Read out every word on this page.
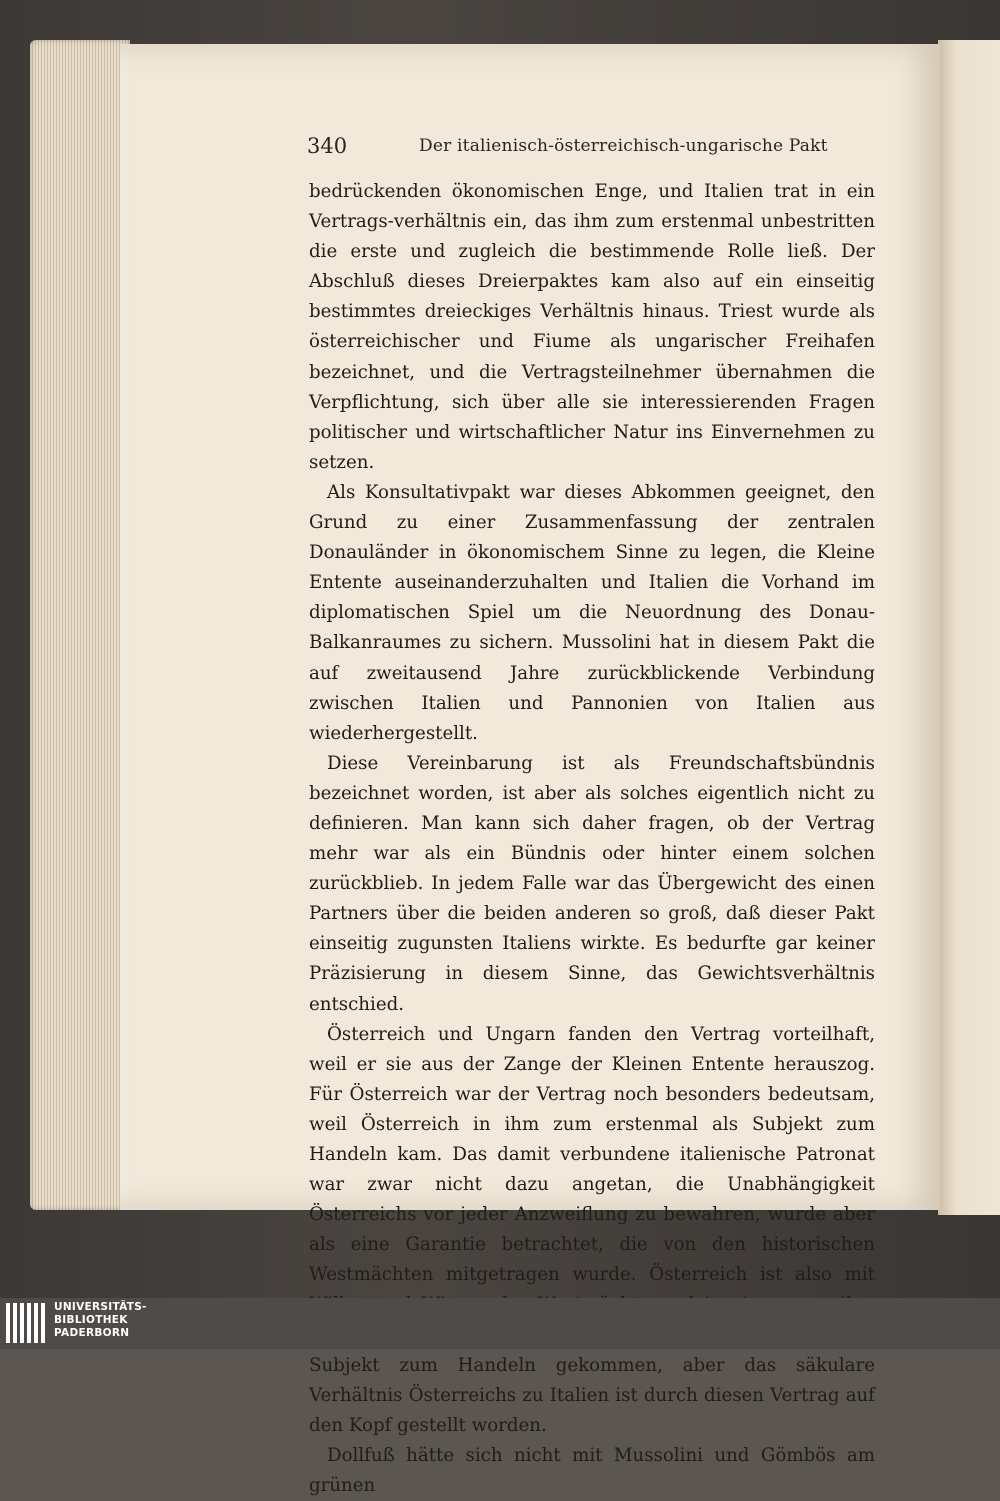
340	Der italienisch-österreichisch-ungarische Pakt

bedrückenden ökonomischen Enge, und Italien trat in ein Vertrags-verhältnis ein, das ihm zum erstenmal unbestritten die erste und zugleich die bestimmende Rolle ließ. Der Abschluß dieses Dreierpaktes kam also auf ein einseitig bestimmtes dreieckiges Verhältnis hinaus. Triest wurde als österreichischer und Fiume als ungarischer Freihafen bezeichnet, und die Vertragsteilnehmer übernahmen die Verpflichtung, sich über alle sie interessierenden Fragen politischer und wirtschaftlicher Natur ins Einvernehmen zu setzen.

Als Konsultativpakt war dieses Abkommen geeignet, den Grund zu einer Zusammenfassung der zentralen Donauländer in ökonomischem Sinne zu legen, die Kleine Entente auseinanderzuhalten und Italien die Vorhand im diplomatischen Spiel um die Neuordnung des Donau-Balkanraumes zu sichern. Mussolini hat in diesem Pakt die auf zweitausend Jahre zurückblickende Verbindung zwischen Italien und Pannonien von Italien aus wiederhergestellt.

Diese Vereinbarung ist als Freundschaftsbündnis bezeichnet worden, ist aber als solches eigentlich nicht zu definieren. Man kann sich daher fragen, ob der Vertrag mehr war als ein Bündnis oder hinter einem solchen zurückblieb. In jedem Falle war das Übergewicht des einen Partners über die beiden anderen so groß, daß dieser Pakt einseitig zugunsten Italiens wirkte. Es bedurfte gar keiner Präzisierung in diesem Sinne, das Gewichtsverhältnis entschied.

Österreich und Ungarn fanden den Vertrag vorteilhaft, weil er sie aus der Zange der Kleinen Entente herauszog. Für Österreich war der Vertrag noch besonders bedeutsam, weil Österreich in ihm zum erstenmal als Subjekt zum Handeln kam. Das damit verbundene italienische Patronat war zwar nicht dazu angetan, die Unabhängigkeit Österreichs vor jeder Anzweiflung zu bewahren, wurde aber als eine Garantie betrachtet, die von den historischen Westmächten mitgetragen wurde. Österreich ist also mit Subjekt zum Handeln gekommen, aber das säkulare Verhältnis Österreichs zu Italien ist durch diesen Vertrag auf den Kopf gestellt worden.

Dollfuß hätte sich nicht mit Mussolini und Gömbös am grünen

UNIVERSITÄTS-
BIBLIOTHEK
PADERBORN
